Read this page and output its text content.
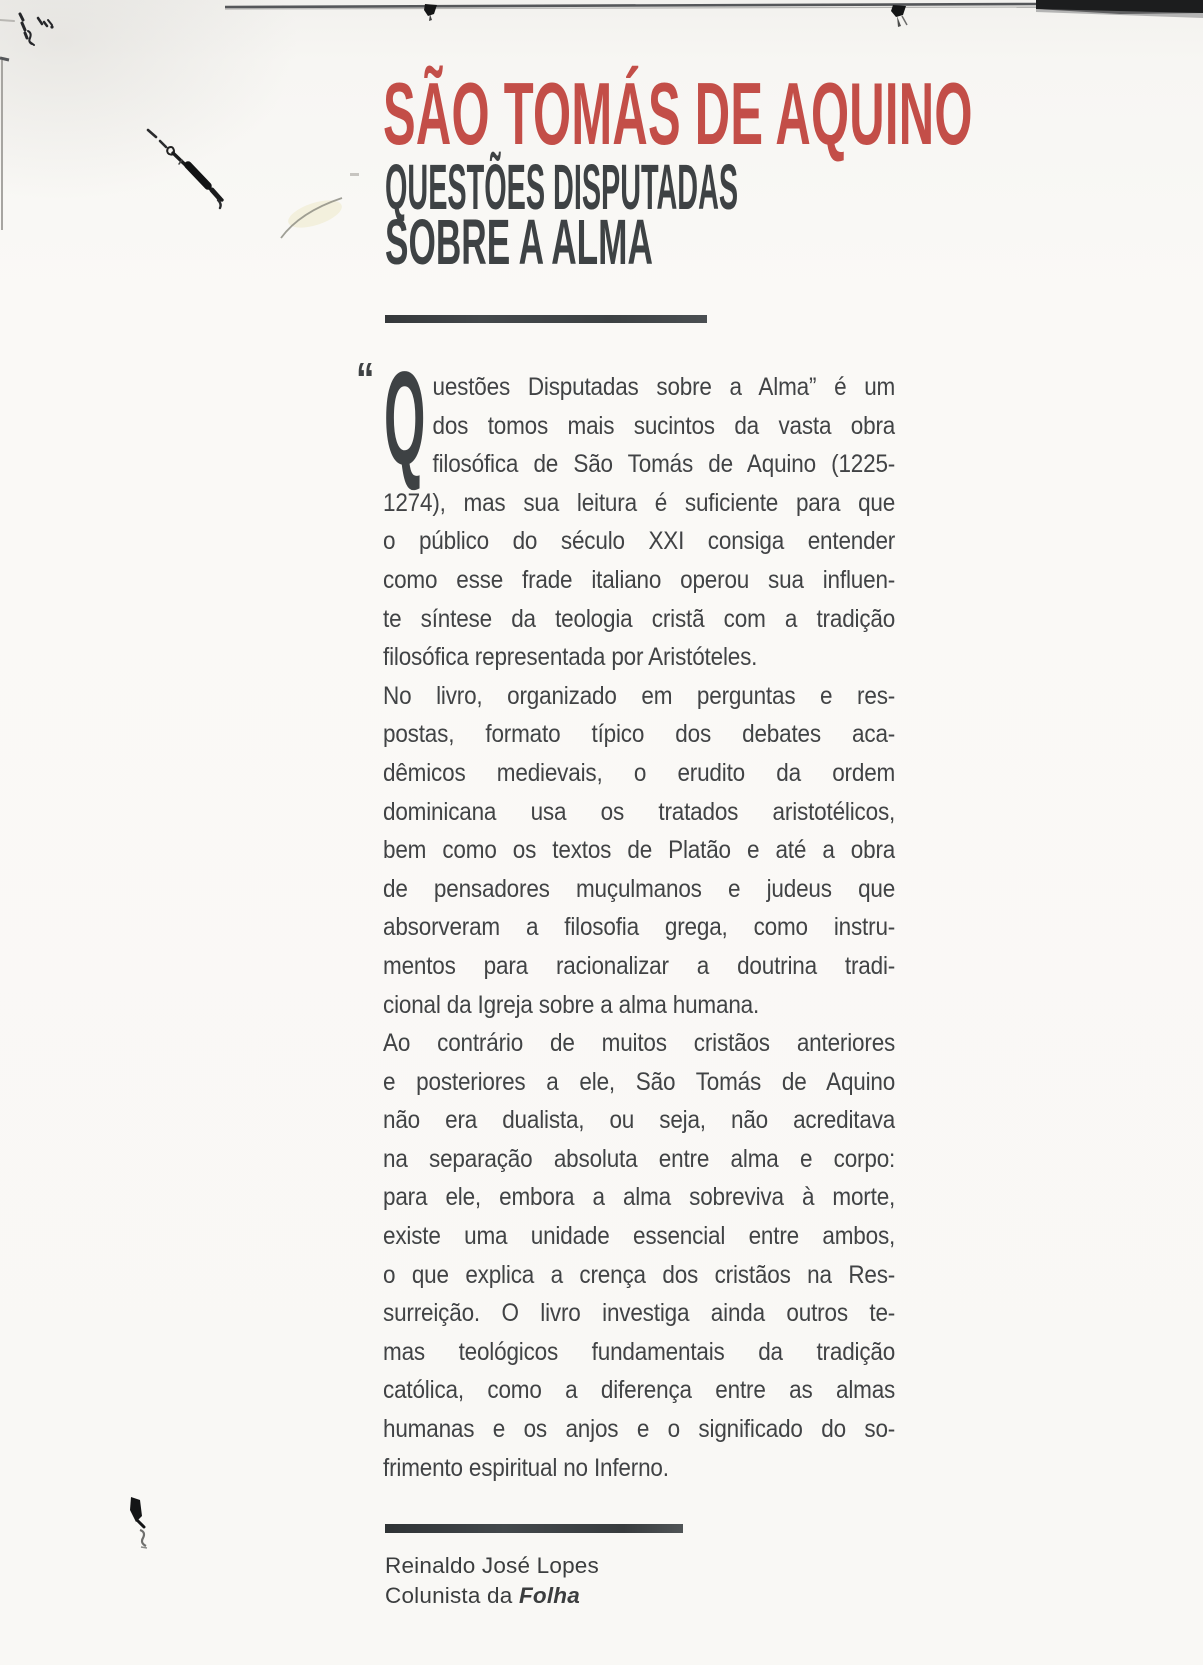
SÃO TOMÁS DE AQUINO
QUESTÕES DISPUTADAS
SOBRE A ALMA
“ Q uestões Disputadas sobre a Alma” é um
dos tomos mais sucintos da vasta obra
filosófica de São Tomás de Aquino (1225-
1274), mas sua leitura é suficiente para que
o público do século XXI consiga entender
como esse frade italiano operou sua influen-
te síntese da teologia cristã com a tradição
filosófica representada por Aristóteles.
No livro, organizado em perguntas e res-
postas, formato típico dos debates aca-
dêmicos medievais, o erudito da ordem
dominicana usa os tratados aristotélicos,
bem como os textos de Platão e até a obra
de pensadores muçulmanos e judeus que
absorveram a filosofia grega, como instru-
mentos para racionalizar a doutrina tradi-
cional da Igreja sobre a alma humana.
Ao contrário de muitos cristãos anteriores
e posteriores a ele, São Tomás de Aquino
não era dualista, ou seja, não acreditava
na separação absoluta entre alma e corpo:
para ele, embora a alma sobreviva à morte,
existe uma unidade essencial entre ambos,
o que explica a crença dos cristãos na Res-
surreição. O livro investiga ainda outros te-
mas teológicos fundamentais da tradição
católica, como a diferença entre as almas
humanas e os anjos e o significado do so-
frimento espiritual no Inferno.
Reinaldo José Lopes
Colunista da Folha
